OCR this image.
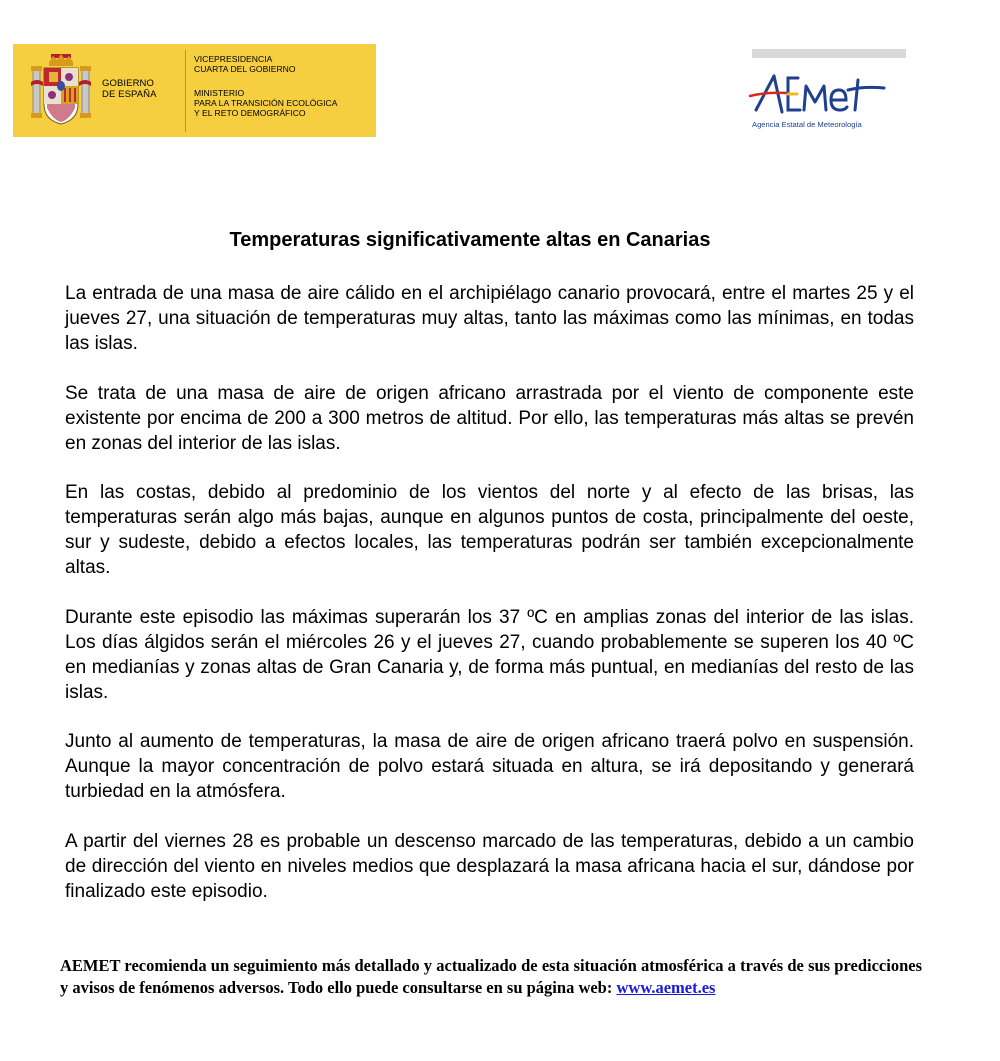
GOBIERNO
DE ESPAÑA
VICEPRESIDENCIA
CUARTA DEL GOBIERNO
MINISTERIO
PARA LA TRANSICIÓN ECOLÓGICA
Y EL RETO DEMOGRÁFICO
Agencia Estatal de Meteorología
Temperaturas significativamente altas en Canarias

La entrada de una masa de aire cálido en el archipiélago canario provocará, entre el martes 25 y el jueves 27, una situación de temperaturas muy altas, tanto las máximas como las mínimas, en todas las islas.

Se trata de una masa de aire de origen africano arrastrada por el viento de componente este existente por encima de 200 a 300 metros de altitud. Por ello, las temperaturas más altas se prevén en zonas del interior de las islas.

En las costas, debido al predominio de los vientos del norte y al efecto de las brisas, las temperaturas serán algo más bajas, aunque en algunos puntos de costa, principalmente del oeste, sur y sudeste, debido a efectos locales, las temperaturas podrán ser también excepcionalmente altas.

Durante este episodio las máximas superarán los 37 ºC en amplias zonas del interior de las islas. Los días álgidos serán el miércoles 26 y el jueves 27, cuando probablemente se superen los 40 ºC en medianías y zonas altas de Gran Canaria y, de forma más puntual, en medianías del resto de las islas.

Junto al aumento de temperaturas, la masa de aire de origen africano traerá polvo en suspensión. Aunque la mayor concentración de polvo estará situada en altura, se irá depositando y generará turbiedad en la atmósfera.

A partir del viernes 28 es probable un descenso marcado de las temperaturas, debido a un cambio de dirección del viento en niveles medios que desplazará la masa africana hacia el sur, dándose por finalizado este episodio.

AEMET recomienda un seguimiento más detallado y actualizado de esta situación atmosférica a través de sus predicciones y avisos de fenómenos adversos. Todo ello puede consultarse en su página web: www.aemet.es
